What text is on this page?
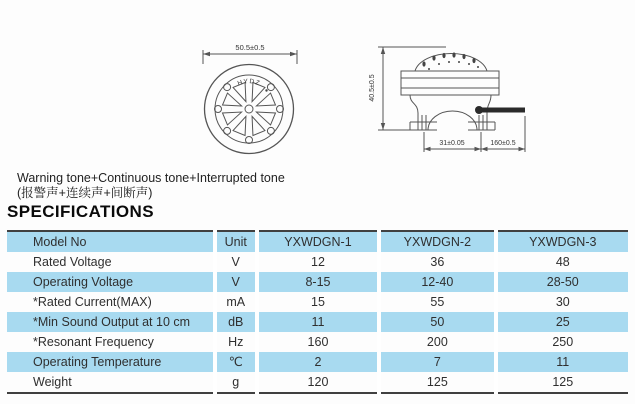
50.5±0.5
HYDZ	40.5±0.5
31±0.05	160±0.5
Warning tone+Continuous tone+Interrupted tone
(报警声+连续声+间断声)
SPECIFICATIONS
Model No	Unit	YXWDGN-1	YXWDGN-2	YXWDGN-3
Rated Voltage	V	12	36	48
Operating Voltage	V	8-15	12-40	28-50
*Rated Current(MAX)	mA	15	55	30
*Min Sound Output at 10 cm	dB	11	50	25
*Resonant Frequency	Hz	160	200	250
Operating Temperature	℃	2	7	11
Weight	g	120	125	125
